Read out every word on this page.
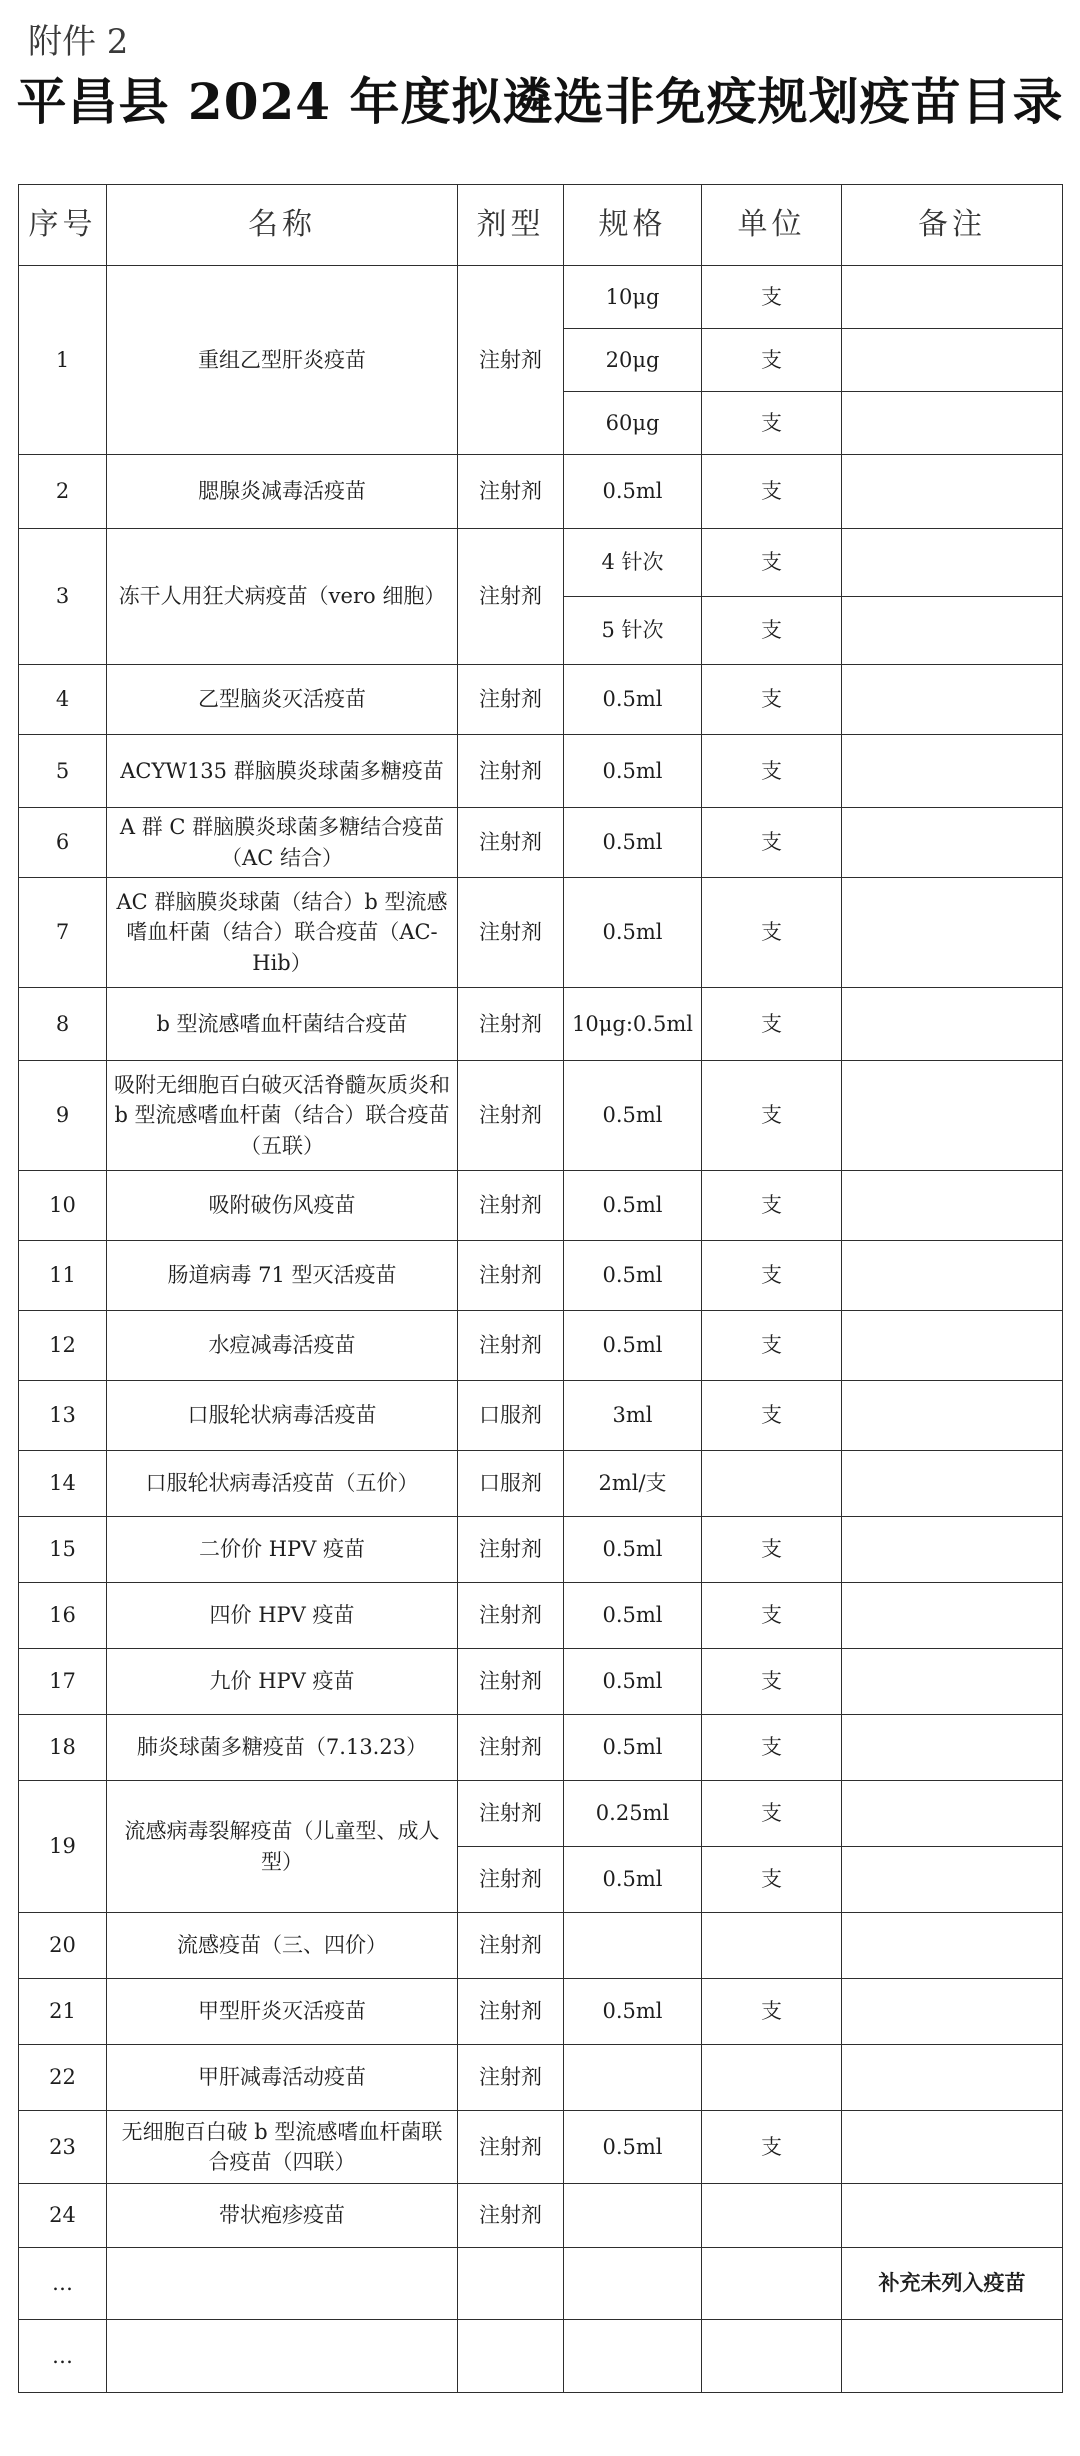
附件 2
平昌县 2024 年度拟遴选非免疫规划疫苗目录
序号	名称	剂型	规格	单位	备注
1	重组乙型肝炎疫苗	注射剂	10μg	支	
			20μg	支	
			60μg	支	
2	腮腺炎减毒活疫苗	注射剂	0.5ml	支	
3	冻干人用狂犬病疫苗（vero 细胞）	注射剂	4 针次	支	
			5 针次	支	
4	乙型脑炎灭活疫苗	注射剂	0.5ml	支	
5	ACYW135 群脑膜炎球菌多糖疫苗	注射剂	0.5ml	支	
6	A 群 C 群脑膜炎球菌多糖结合疫苗（AC 结合）	注射剂	0.5ml	支	
7	AC 群脑膜炎球菌（结合）b 型流感嗜血杆菌（结合）联合疫苗（AC-Hib）	注射剂	0.5ml	支	
8	b 型流感嗜血杆菌结合疫苗	注射剂	10μg:0.5ml	支	
9	吸附无细胞百白破灭活脊髓灰质炎和 b 型流感嗜血杆菌（结合）联合疫苗（五联）	注射剂	0.5ml	支	
10	吸附破伤风疫苗	注射剂	0.5ml	支	
11	肠道病毒 71 型灭活疫苗	注射剂	0.5ml	支	
12	水痘减毒活疫苗	注射剂	0.5ml	支	
13	口服轮状病毒活疫苗	口服剂	3ml	支	
14	口服轮状病毒活疫苗（五价）	口服剂	2ml/支		
15	二价价 HPV 疫苗	注射剂	0.5ml	支	
16	四价 HPV 疫苗	注射剂	0.5ml	支	
17	九价 HPV 疫苗	注射剂	0.5ml	支	
18	肺炎球菌多糖疫苗（7.13.23）	注射剂	0.5ml	支	
19	流感病毒裂解疫苗（儿童型、成人型）	注射剂	0.25ml	支	
		注射剂	0.5ml	支	
20	流感疫苗（三、四价）	注射剂			
21	甲型肝炎灭活疫苗	注射剂	0.5ml	支	
22	甲肝减毒活动疫苗	注射剂			
23	无细胞百白破 b 型流感嗜血杆菌联合疫苗（四联）	注射剂	0.5ml	支	
24	带状疱疹疫苗	注射剂			
…					补充未列入疫苗
…					
